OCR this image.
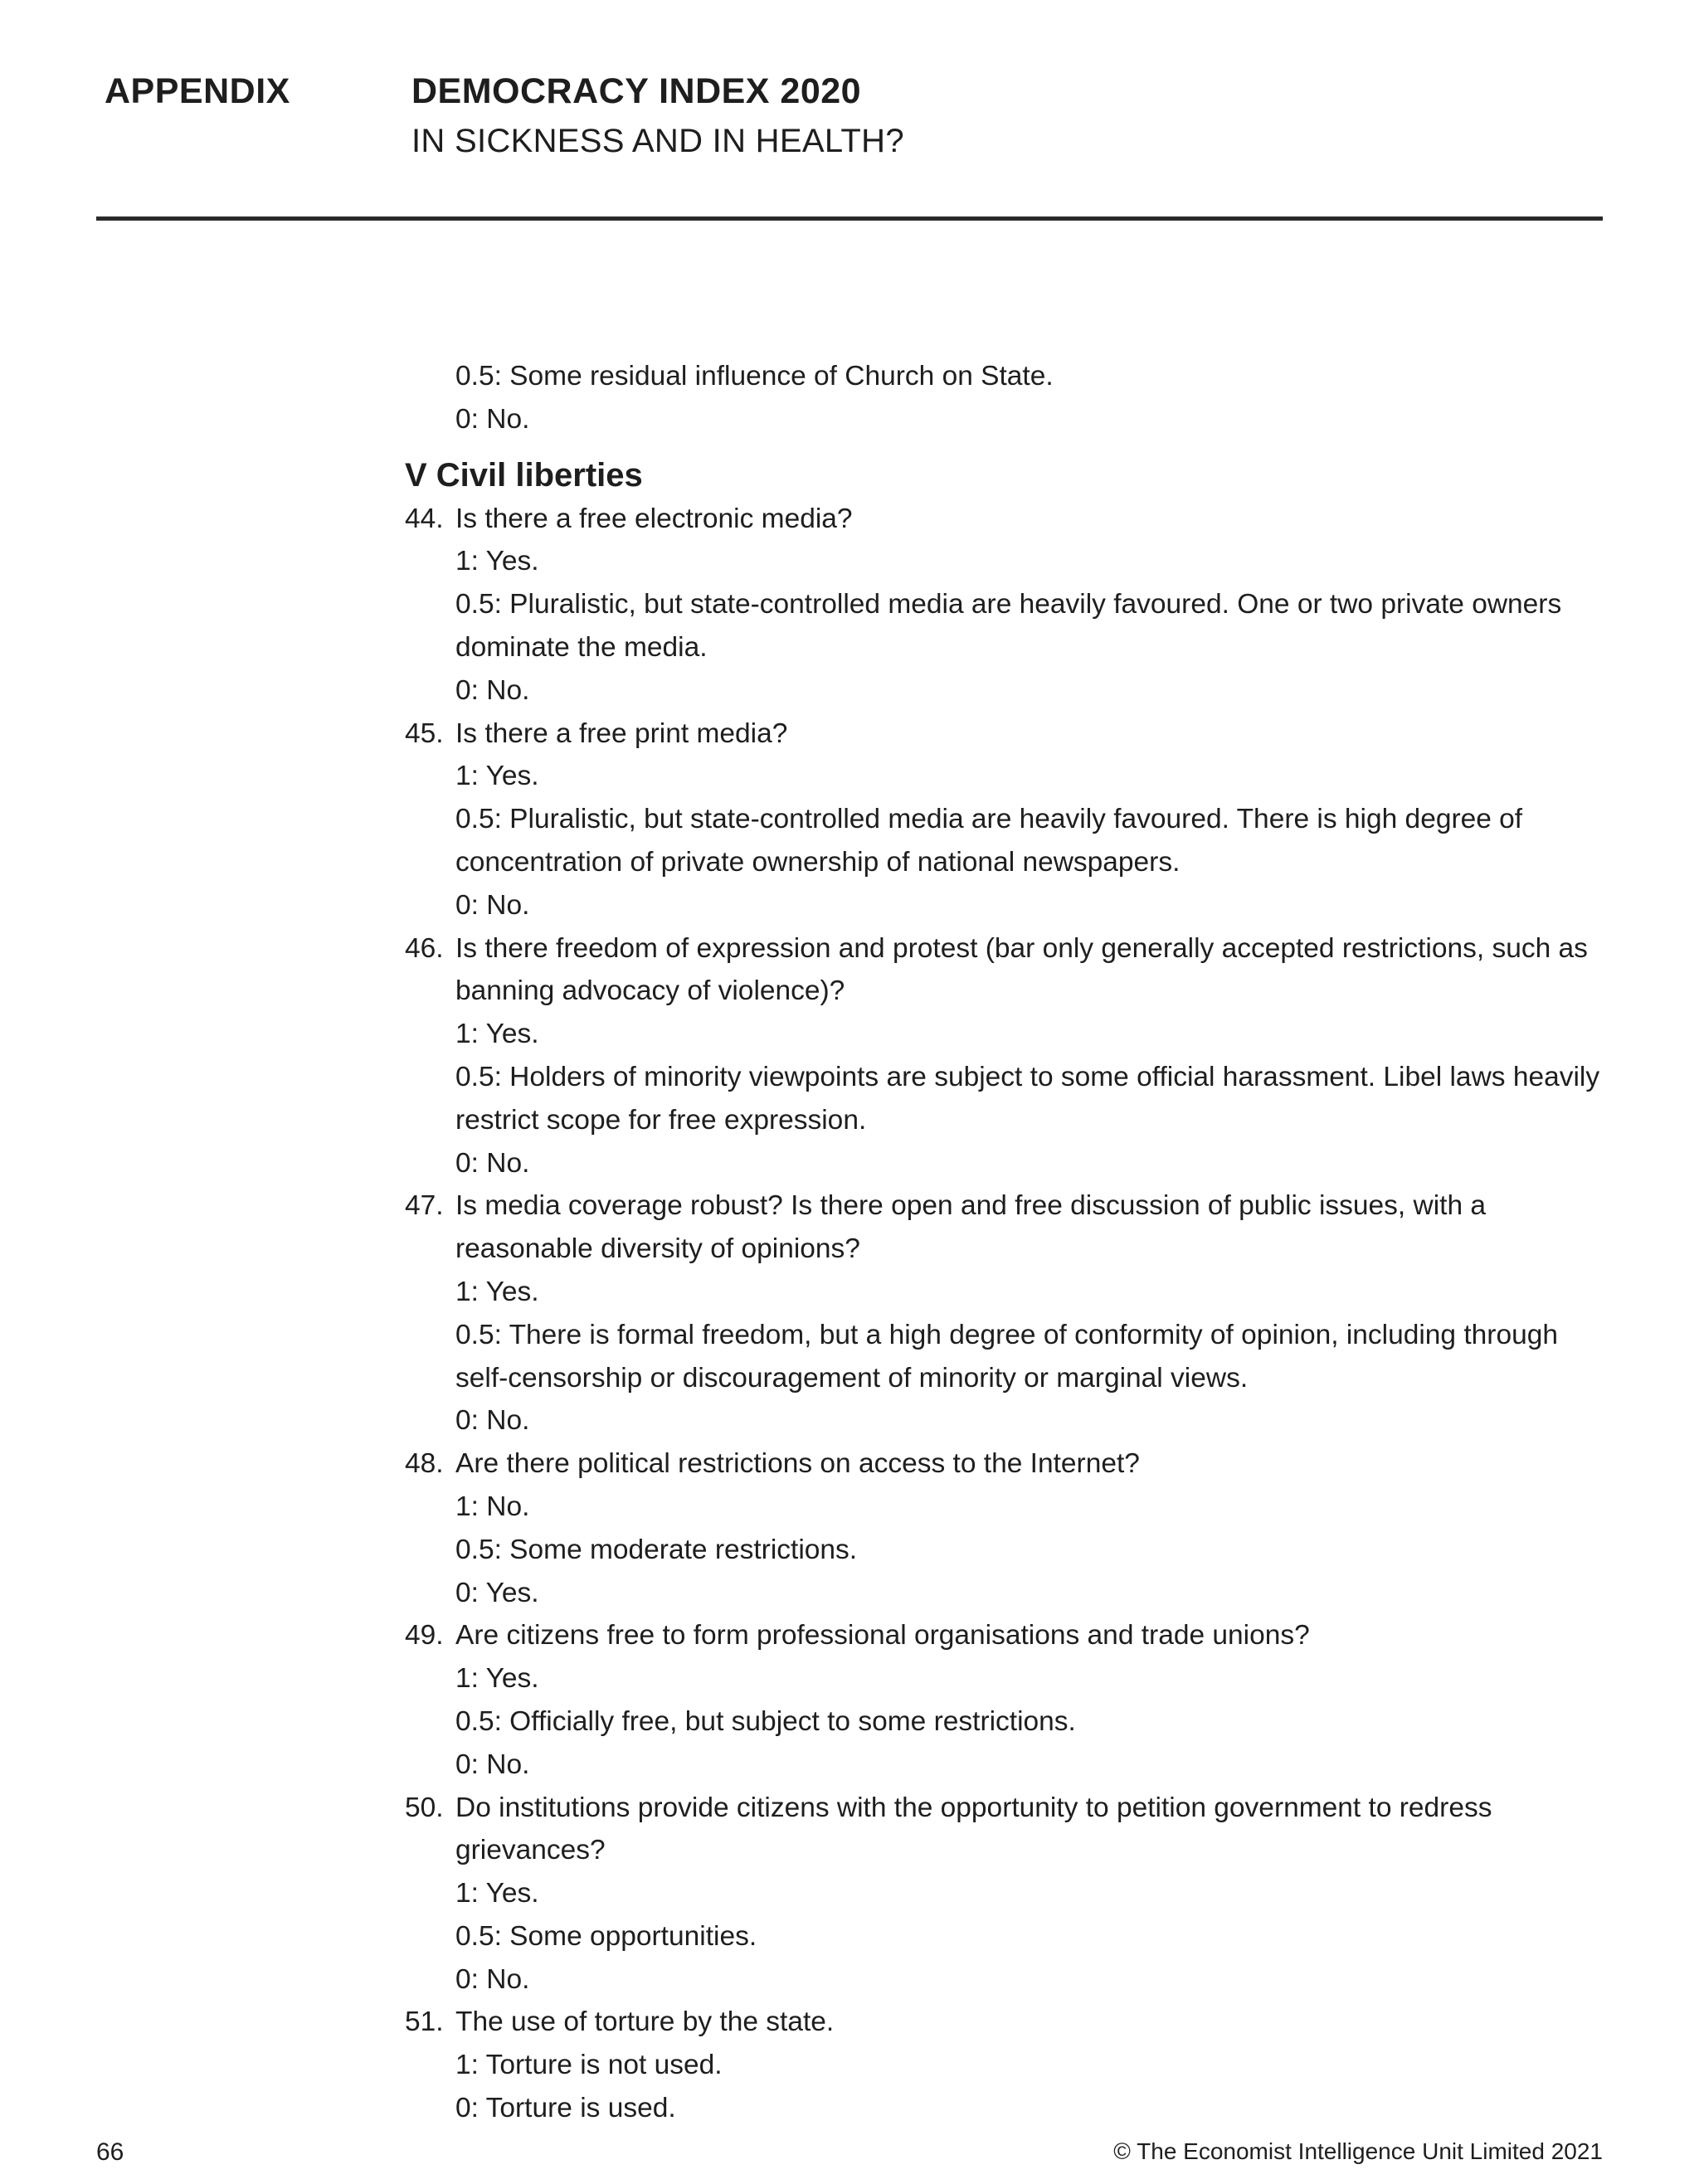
APPENDIX	DEMOCRACY INDEX 2020

IN SICKNESS AND IN HEALTH?

0.5: Some residual influence of Church on State.

0: No.

V Civil liberties
44. Is there a free electronic media?
1: Yes.
0.5: Pluralistic, but state-controlled media are heavily favoured. One or two private owners dominate the media.
0: No.
45. Is there a free print media?
1: Yes.
0.5: Pluralistic, but state-controlled media are heavily favoured. There is high degree of concentration of private ownership of national newspapers.
0: No.
46. Is there freedom of expression and protest (bar only generally accepted restrictions, such as banning advocacy of violence)?
1: Yes.
0.5: Holders of minority viewpoints are subject to some official harassment. Libel laws heavily restrict scope for free expression.
0: No.
47. Is media coverage robust? Is there open and free discussion of public issues, with a reasonable diversity of opinions?
1: Yes.
0.5: There is formal freedom, but a high degree of conformity of opinion, including through self-censorship or discouragement of minority or marginal views.
0: No.
48. Are there political restrictions on access to the Internet?
1: No.
0.5: Some moderate restrictions.
0: Yes.
49. Are citizens free to form professional organisations and trade unions?
1: Yes.
0.5: Officially free, but subject to some restrictions.
0: No.
50. Do institutions provide citizens with the opportunity to petition government to redress grievances?
1: Yes.
0.5: Some opportunities.
0: No.
51. The use of torture by the state.
1: Torture is not used.
0: Torture is used.

66	© The Economist Intelligence Unit Limited 2021
